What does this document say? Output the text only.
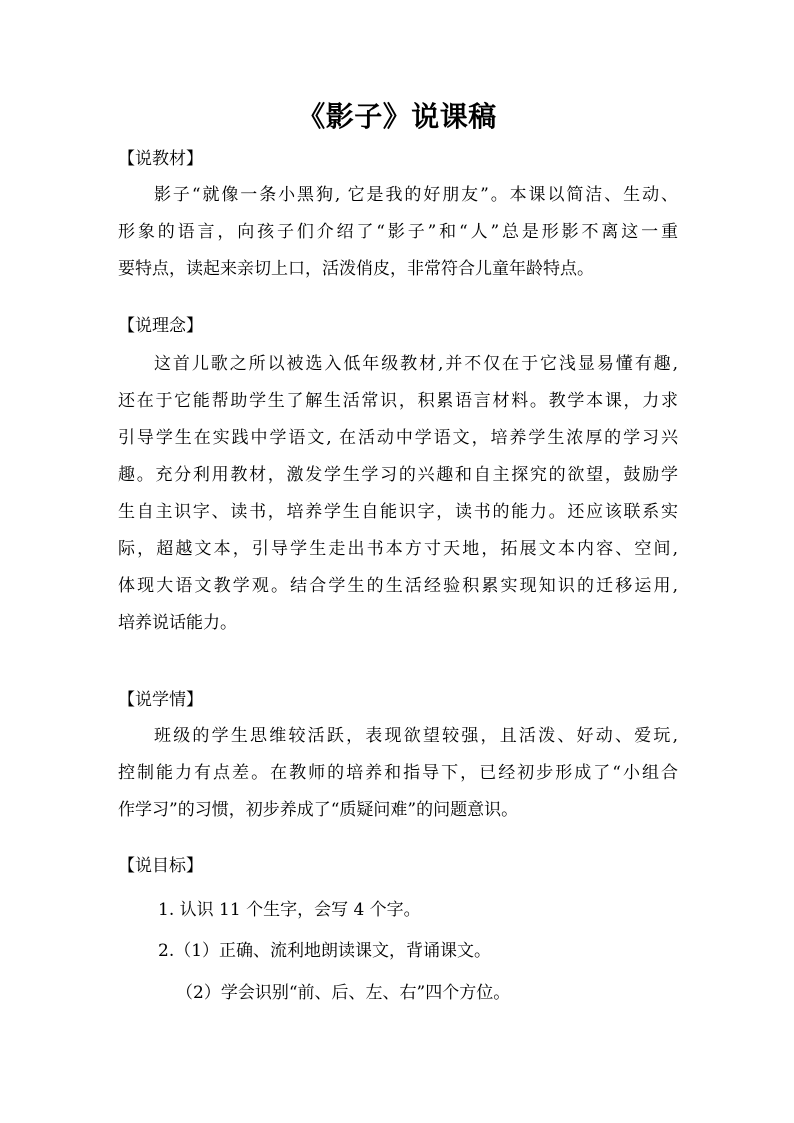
《影子》说课稿
【说教材】
影子“就像一条小黑狗, 它是我的好朋友”。本课以简洁、生动、
形象的语言，向孩子们介绍了“影子”和“人”总是形影不离这一重
要特点，读起来亲切上口，活泼俏皮，非常符合儿童年龄特点。
【说理念】
这首儿歌之所以被选入低年级教材,并不仅在于它浅显易懂有趣,
还在于它能帮助学生了解生活常识，积累语言材料。教学本课，力求
引导学生在实践中学语文, 在活动中学语文，培养学生浓厚的学习兴
趣。充分利用教材，激发学生学习的兴趣和自主探究的欲望，鼓励学
生自主识字、读书，培养学生自能识字，读书的能力。还应该联系实
际，超越文本，引导学生走出书本方寸天地，拓展文本内容、空间,
体现大语文教学观。结合学生的生活经验积累实现知识的迁移运用,
培养说话能力。
【说学情】
班级的学生思维较活跃，表现欲望较强，且活泼、好动、爱玩,
控制能力有点差。在教师的培养和指导下，已经初步形成了“小组合
作学习”的习惯，初步养成了“质疑问难”的问题意识。
【说目标】
1. 认识 11 个生字，会写 4 个字。
2.（1）正确、流利地朗读课文，背诵课文。
（2）学会识别“前、后、左、右”四个方位。
